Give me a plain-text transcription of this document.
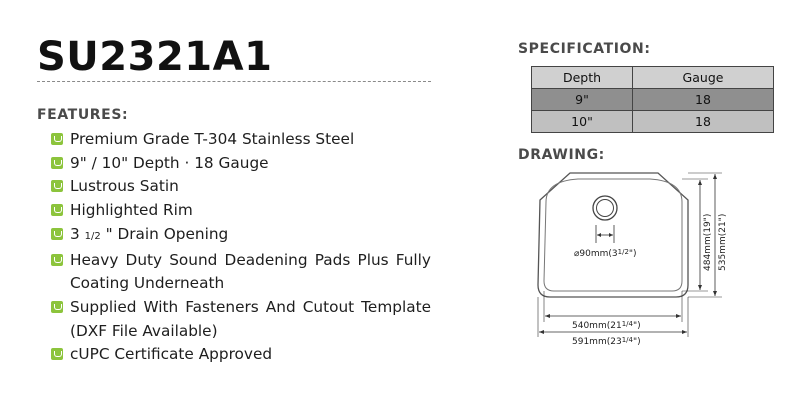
SU2321A1
FEATURES:
Premium Grade T-304 Stainless Steel
9" / 10" Depth · 18 Gauge
Lustrous Satin
Highlighted Rim
3 1/2 " Drain Opening
Heavy Duty Sound Deadening Pads Plus Fully Coating Underneath
Supplied With Fasteners And Cutout Template (DXF File Available)
cUPC Certificate Approved
SPECIFICATION:
Depth	Gauge
9"	18
10"	18
DRAWING:
$⌀90mm(3^{1/2}")$	484mm(19") 535mm(21")
$540mm(21^{1/4}")$
$591mm(23^{1/4}")$
